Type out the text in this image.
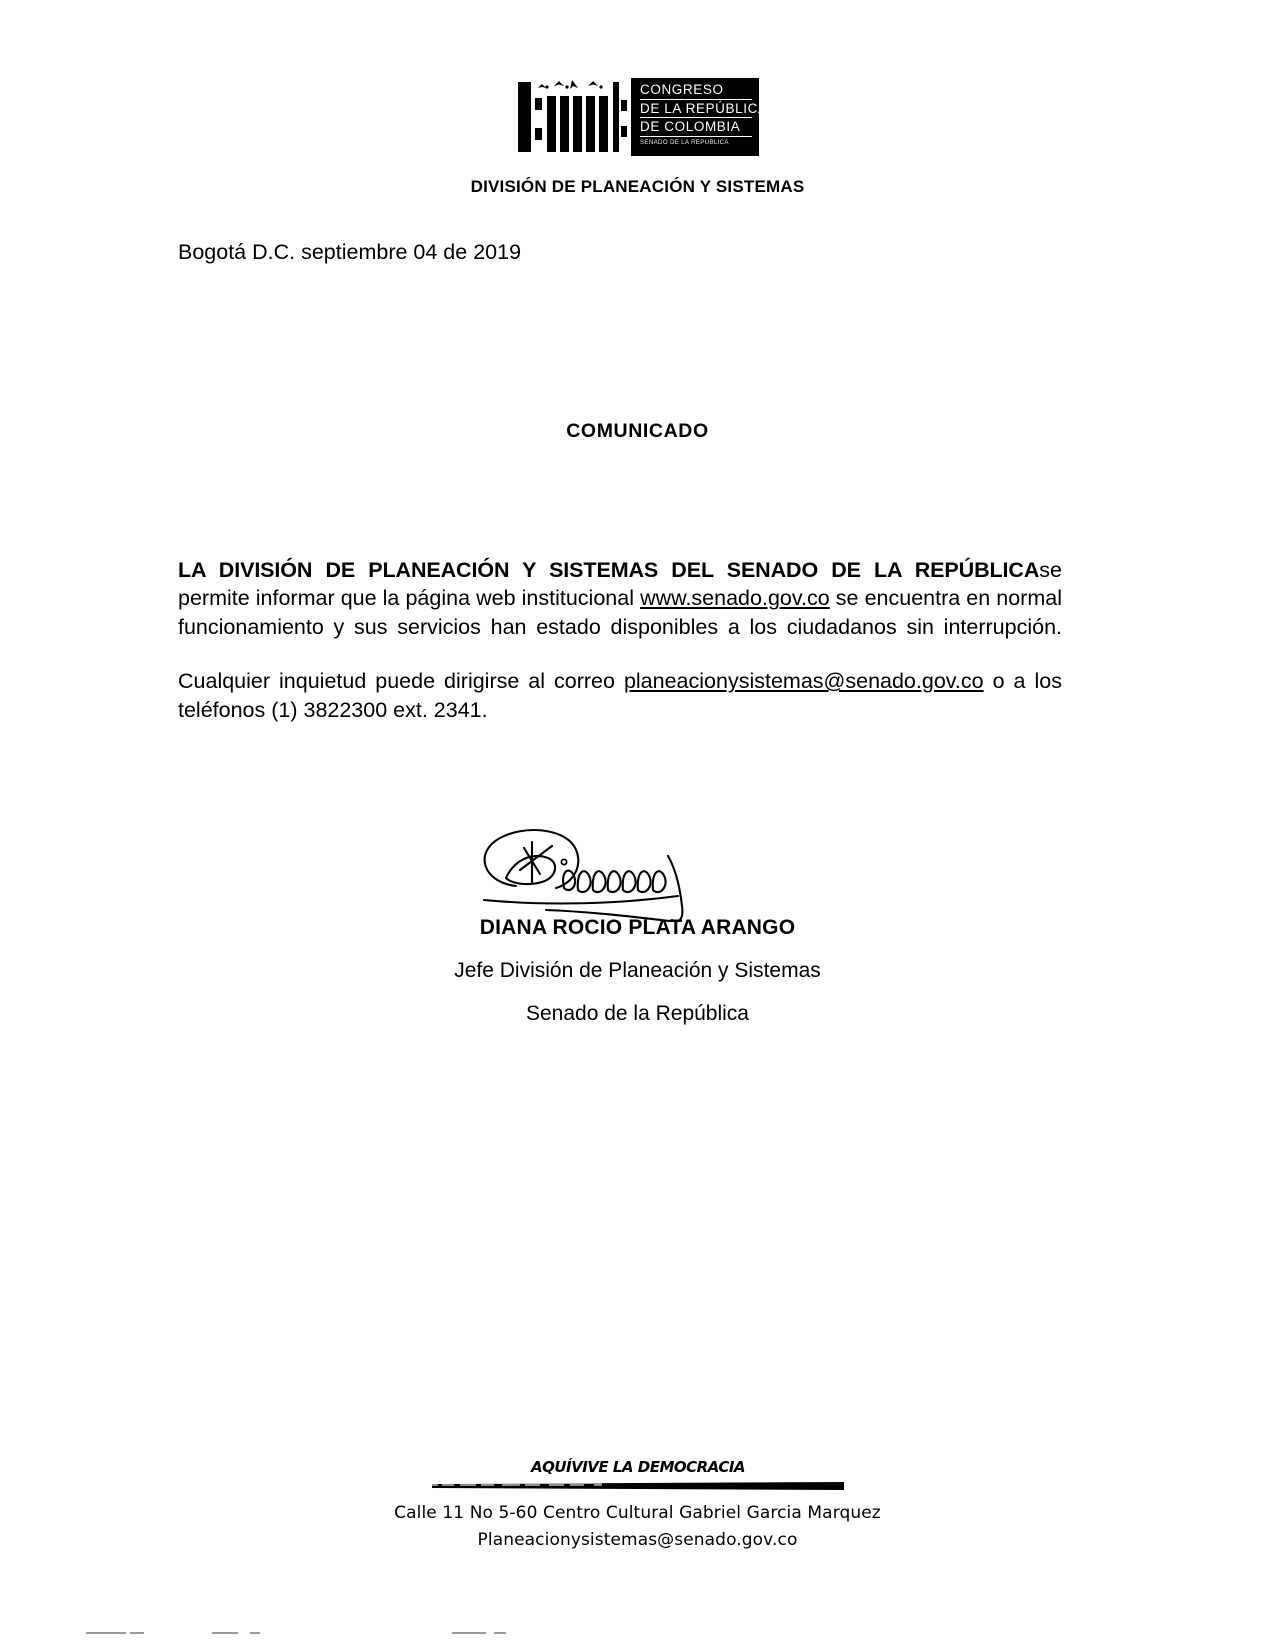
CONGRESO
DE LA REPÚBLICA
DE COLOMBIA
SENADO DE LA REPÚBLICA
DIVISIÓN DE PLANEACIÓN Y SISTEMAS
Bogotá D.C. septiembre 04 de 2019
COMUNICADO

LA DIVISIÓN DE PLANEACIÓN Y SISTEMAS DEL SENADO DE LA REPÚBLICAse permite informar que la página web institucional www.senado.gov.co se encuentra en normal funcionamiento y sus servicios han estado disponibles a los ciudadanos sin interrupción.

Cualquier inquietud puede dirigirse al correo planeacionysistemas@senado.gov.co o a los teléfonos (1) 3822300 ext. 2341.

DIANA ROCIO PLATA ARANGO
Jefe División de Planeación y Sistemas
Senado de la República
AQUÍVIVE LA DEMOCRACIA
Calle 11 No 5-60 Centro Cultural Gabriel Garcia Marquez
Planeacionysistemas@senado.gov.co
